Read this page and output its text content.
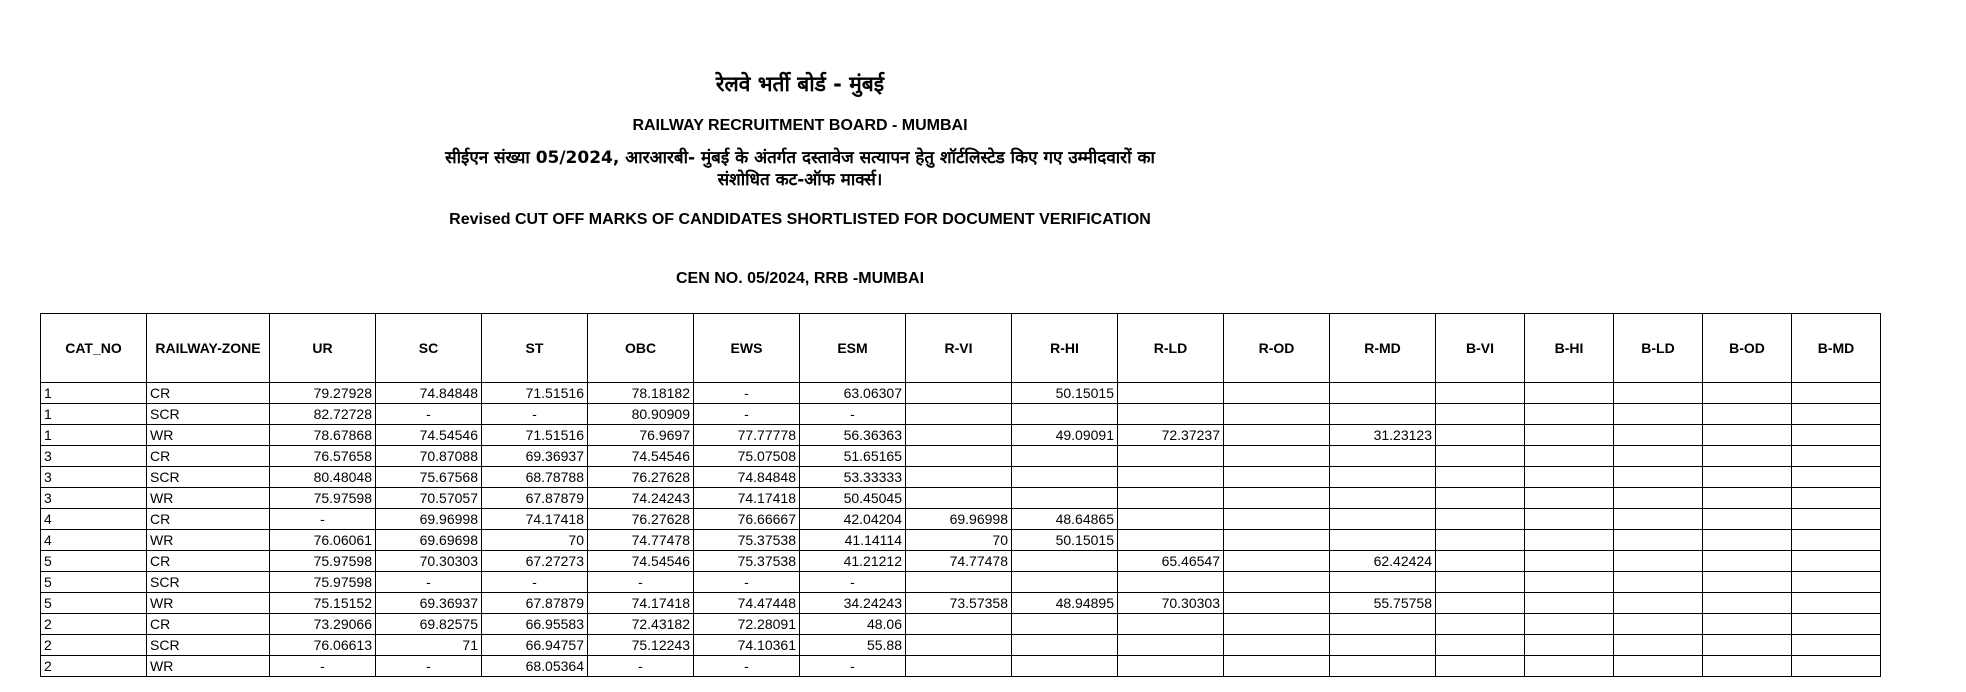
रेलवे भर्ती बोर्ड - मुंबई
RAILWAY RECRUITMENT BOARD - MUMBAI
सीईएन संख्या 05/2024, आरआरबी- मुंबई के अंतर्गत दस्तावेज सत्यापन हेतु शॉर्टलिस्टेड किए गए उम्मीदवारों का
संशोधित कट-ऑफ मार्क्स।
Revised CUT OFF MARKS OF CANDIDATES SHORTLISTED FOR DOCUMENT VERIFICATION
CEN NO. 05/2024, RRB -MUMBAI
CAT_NO	RAILWAY-ZONE	UR	SC	ST	OBC	EWS	ESM	R-VI	R-HI	R-LD	R-OD	R-MD	B-VI	B-HI	B-LD	B-OD	B-MD
1	CR	79.27928	74.84848	71.51516	78.18182	-	63.06307		50.15015								
1	SCR	82.72728	-	-	80.90909	-	-										
1	WR	78.67868	74.54546	71.51516	76.9697	77.77778	56.36363		49.09091	72.37237		31.23123					
3	CR	76.57658	70.87088	69.36937	74.54546	75.07508	51.65165										
3	SCR	80.48048	75.67568	68.78788	76.27628	74.84848	53.33333										
3	WR	75.97598	70.57057	67.87879	74.24243	74.17418	50.45045										
4	CR	-	69.96998	74.17418	76.27628	76.66667	42.04204	69.96998	48.64865								
4	WR	76.06061	69.69698	70	74.77478	75.37538	41.14114	70	50.15015								
5	CR	75.97598	70.30303	67.27273	74.54546	75.37538	41.21212	74.77478		65.46547		62.42424					
5	SCR	75.97598	-	-	-	-	-										
5	WR	75.15152	69.36937	67.87879	74.17418	74.47448	34.24243	73.57358	48.94895	70.30303		55.75758					
2	CR	73.29066	69.82575	66.95583	72.43182	72.28091	48.06										
2	SCR	76.06613	71	66.94757	75.12243	74.10361	55.88										
2	WR	-	-	68.05364	-	-	-										
